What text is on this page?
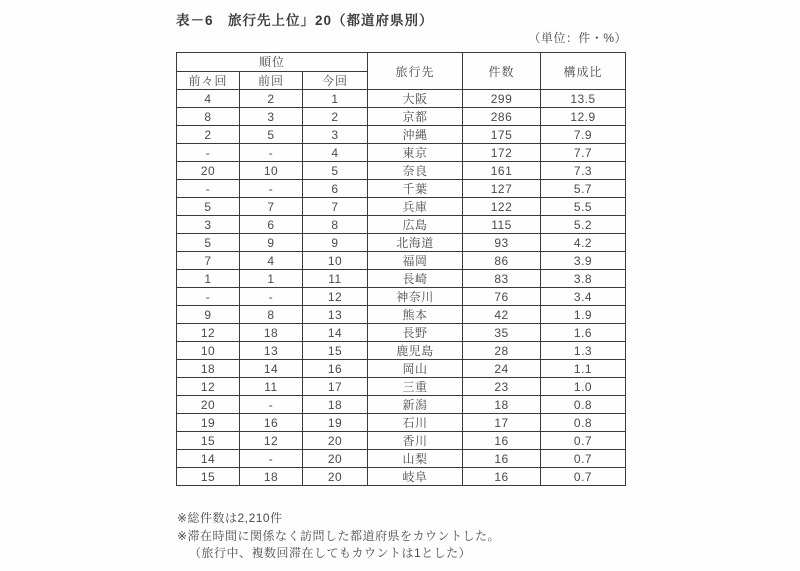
表－6　旅行先上位」20（都道府県別）
（単位：件・%）
順位			旅行先	件数	構成比
前々回	前回	今回			
4	2	1	大阪	299	13.5
8	3	2	京都	286	12.9
2	5	3	沖縄	175	7.9
-	-	4	東京	172	7.7
20	10	5	奈良	161	7.3
-	-	6	千葉	127	5.7
5	7	7	兵庫	122	5.5
3	6	8	広島	115	5.2
5	9	9	北海道	93	4.2
7	4	10	福岡	86	3.9
1	1	11	長崎	83	3.8
-	-	12	神奈川	76	3.4
9	8	13	熊本	42	1.9
12	18	14	長野	35	1.6
10	13	15	鹿児島	28	1.3
18	14	16	岡山	24	1.1
12	11	17	三重	23	1.0
20	-	18	新潟	18	0.8
19	16	19	石川	17	0.8
15	12	20	香川	16	0.7
14	-	20	山梨	16	0.7
15	18	20	岐阜	16	0.7
※総件数は2,210件
※滞在時間に関係なく訪問した都道府県をカウントした。
（旅行中、複数回滞在してもカウントは1とした）
